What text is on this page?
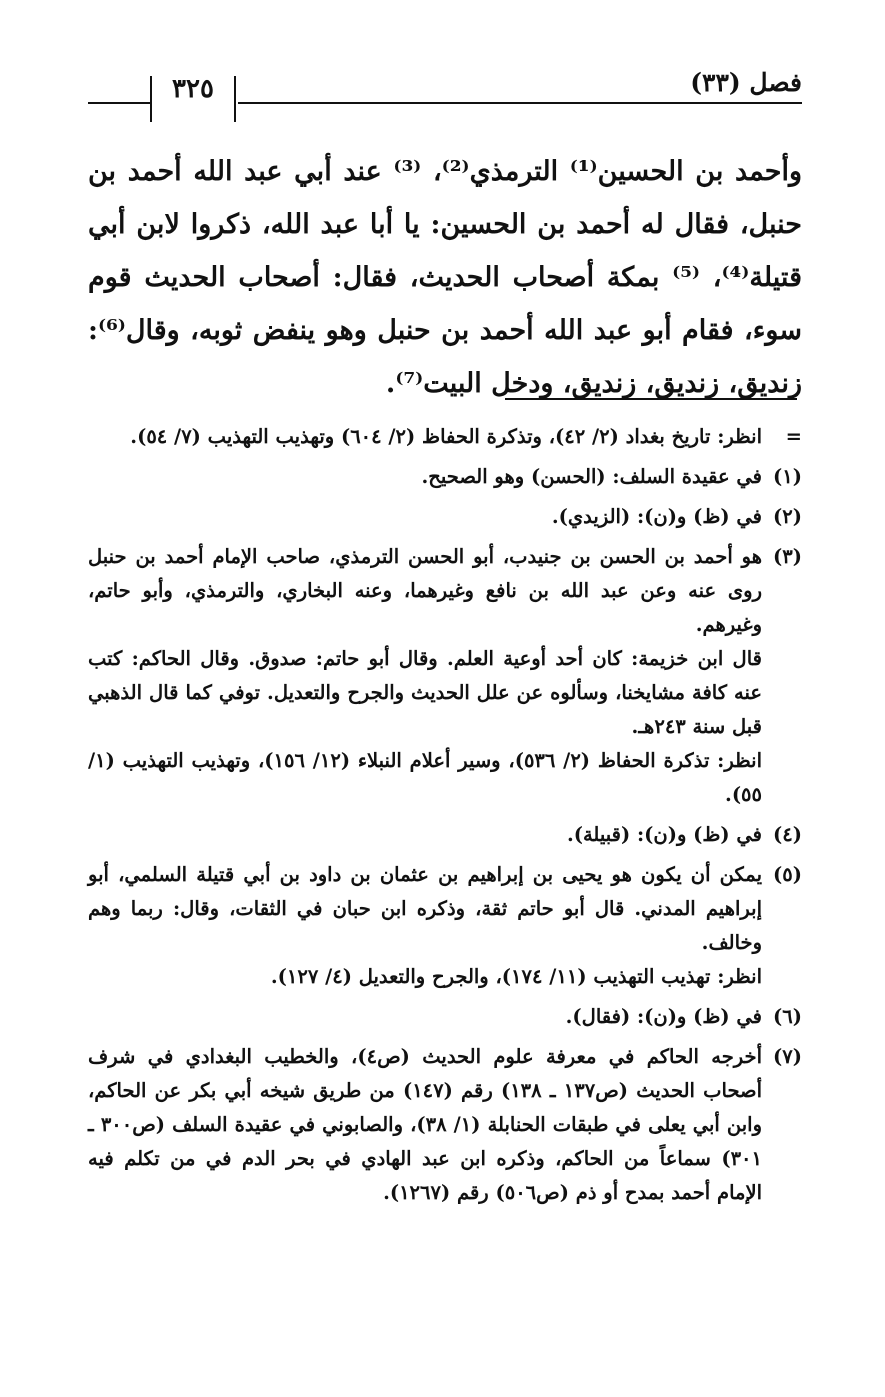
فصل (٣٣)
٣٢٥

وأحمد بن الحسين⁽¹⁾ الترمذي⁽²⁾، ⁽³⁾ عند أبي عبد الله أحمد بن حنبل، فقال له أحمد بن الحسين: يا أبا عبد الله، ذكروا لابن أبي قتيلة⁽⁴⁾، ⁽⁵⁾ بمكة أصحاب الحديث، فقال: أصحاب الحديث قوم سوء، فقام أبو عبد الله أحمد بن حنبل وهو ينفض ثوبه، وقال⁽⁶⁾: زنديق، زنديق، زنديق، ودخل البيت⁽⁷⁾.

=
انظر: تاريخ بغداد (٢/ ٤٢)، وتذكرة الحفاظ (٢/ ٦٠٤) وتهذيب التهذيب (٧/ ٥٤).
(١)
في عقيدة السلف: (الحسن) وهو الصحيح.
(٢)
في (ظ) و(ن): (الزيدي).
(٣)
هو أحمد بن الحسن بن جنيدب، أبو الحسن الترمذي، صاحب الإمام أحمد بن حنبل روى عنه وعن عبد الله بن نافع وغيرهما، وعنه البخاري، والترمذي، وأبو حاتم، وغيرهم.
قال ابن خزيمة: كان أحد أوعية العلم. وقال أبو حاتم: صدوق. وقال الحاكم: كتب عنه كافة مشايخنا، وسألوه عن علل الحديث والجرح والتعديل. توفي كما قال الذهبي قبل سنة ٢٤٣هـ.
انظر: تذكرة الحفاظ (٢/ ٥٣٦)، وسير أعلام النبلاء (١٢/ ١٥٦)، وتهذيب التهذيب (١/ ٥٥).
(٤)
في (ظ) و(ن): (قبيلة).
(٥)
يمكن أن يكون هو يحيى بن إبراهيم بن عثمان بن داود بن أبي قتيلة السلمي، أبو إبراهيم المدني. قال أبو حاتم ثقة، وذكره ابن حبان في الثقات، وقال: ربما وهم وخالف.
انظر: تهذيب التهذيب (١١/ ١٧٤)، والجرح والتعديل (٤/ ١٢٧).
(٦)
في (ظ) و(ن): (فقال).
(٧)
أخرجه الحاكم في معرفة علوم الحديث (ص٤)، والخطيب البغدادي في شرف أصحاب الحديث (ص١٣٧ ـ ١٣٨) رقم (١٤٧) من طريق شيخه أبي بكر عن الحاكم، وابن أبي يعلى في طبقات الحنابلة (١/ ٣٨)، والصابوني في عقيدة السلف (ص٣٠٠ ـ ٣٠١) سماعاً من الحاكم، وذكره ابن عبد الهادي في بحر الدم في من تكلم فيه الإمام أحمد بمدح أو ذم (ص٥٠٦) رقم (١٢٦٧).
